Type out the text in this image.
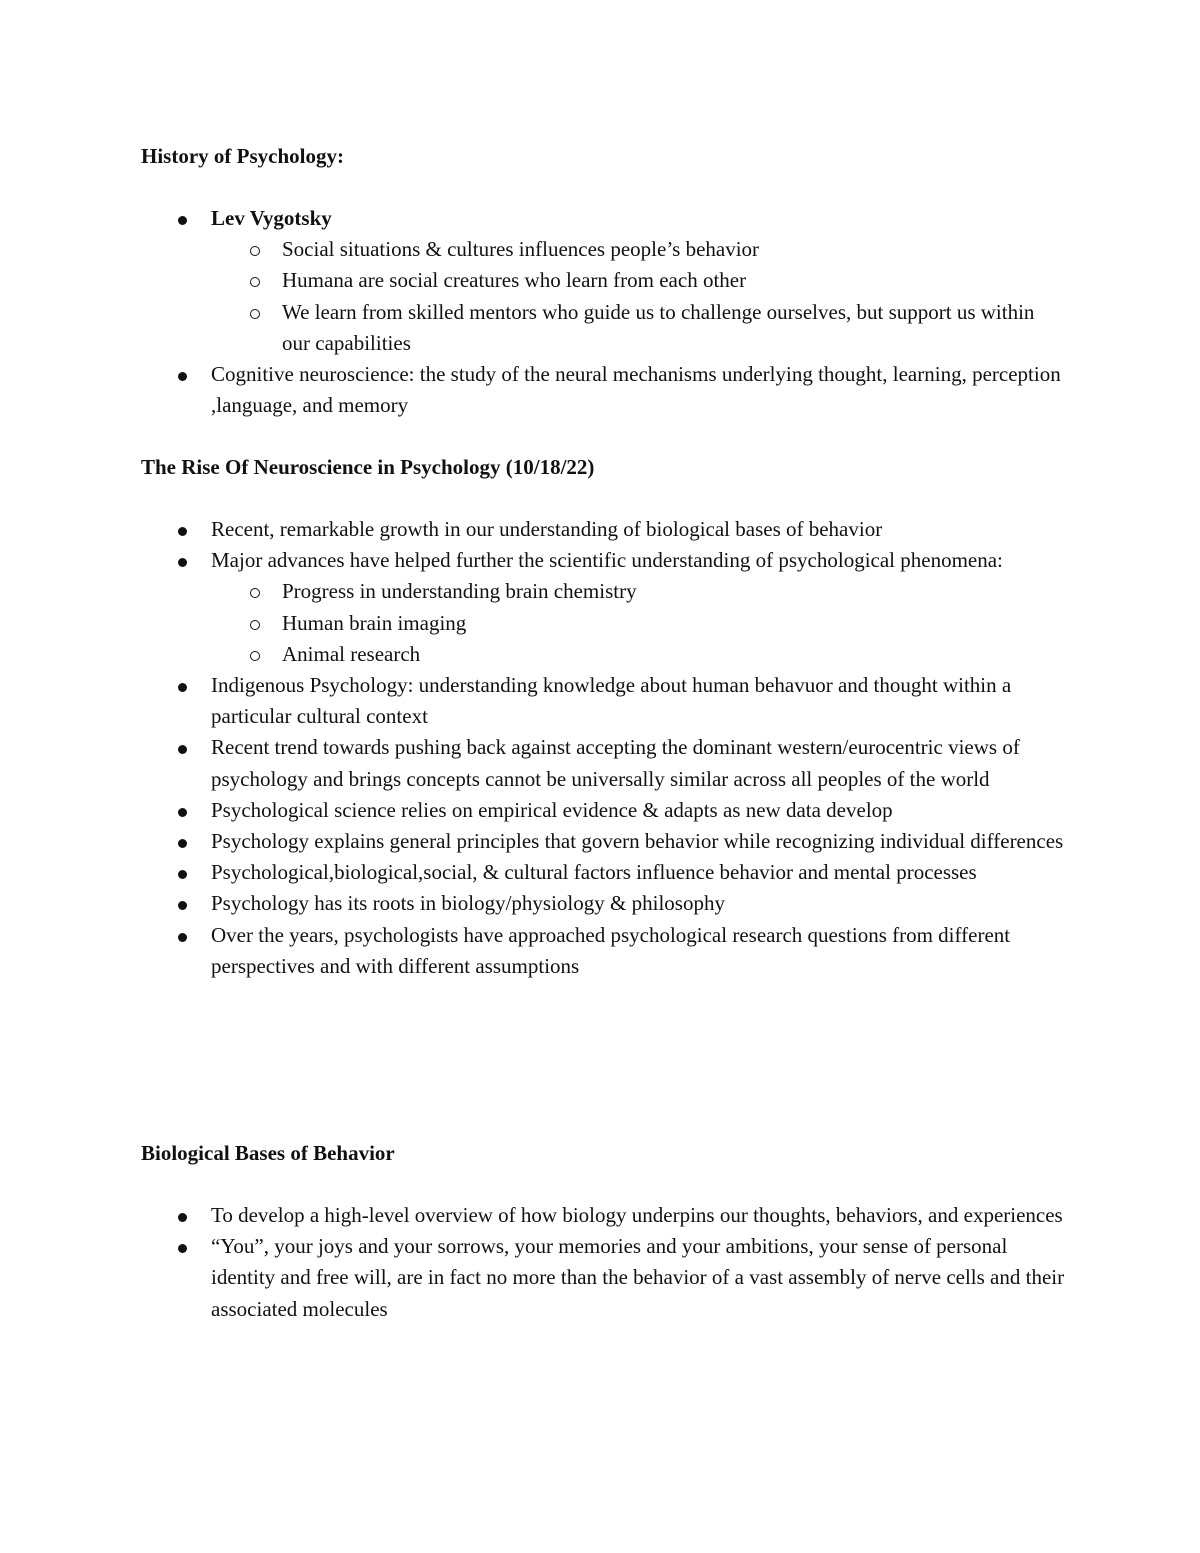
History of Psychology:
Lev Vygotsky
Social situations & cultures influences people’s behavior
Humana are social creatures who learn from each other
We learn from skilled mentors who guide us to challenge ourselves, but support us within our capabilities
Cognitive neuroscience: the study of the neural mechanisms underlying thought, learning, perception ,language, and memory
The Rise Of Neuroscience in Psychology (10/18/22)
Recent, remarkable growth in our understanding of biological bases of behavior
Major advances have helped further the scientific understanding of psychological phenomena:
Progress in understanding brain chemistry
Human brain imaging
Animal research
Indigenous Psychology: understanding knowledge about human behavuor and thought within a particular cultural context
Recent trend towards pushing back against accepting the dominant western/eurocentric views of psychology and brings concepts cannot be universally similar across all peoples of the world
Psychological science relies on empirical evidence & adapts as new data develop
Psychology explains general principles that govern behavior while recognizing individual differences
Psychological,biological,social, & cultural factors influence behavior and mental processes
Psychology has its roots in biology/physiology & philosophy
Over the years, psychologists have approached psychological research questions from different perspectives and with different assumptions
Biological Bases of Behavior
To develop a high-level overview of how biology underpins our thoughts, behaviors, and experiences
“You”, your joys and your sorrows, your memories and your ambitions, your sense of personal identity and free will, are in fact no more than the behavior of a vast assembly of nerve cells and their associated molecules
